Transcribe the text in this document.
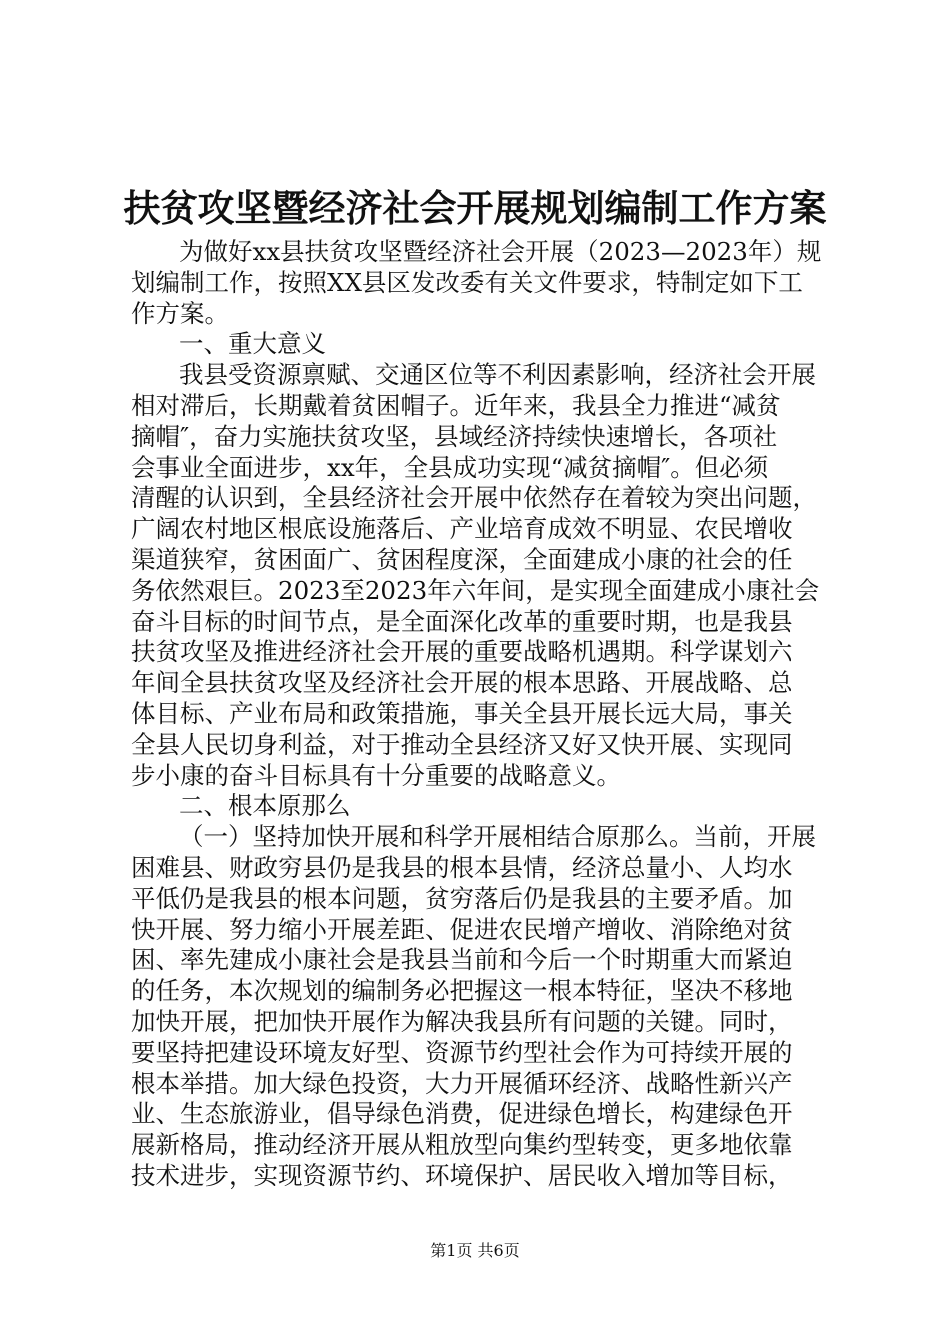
扶贫攻坚暨经济社会开展规划编制工作方案
为做好xx县扶贫攻坚暨经济社会开展（2023—2023年）规
划编制工作，按照XX县区发改委有关文件要求，特制定如下工
作方案。
一、重大意义
我县受资源禀赋、交通区位等不利因素影响，经济社会开展
相对滞后，长期戴着贫困帽子。近年来，我县全力推进“减贫
摘帽″，奋力实施扶贫攻坚，县域经济持续快速增长，各项社
会事业全面进步，xx年，全县成功实现“减贫摘帽″。但必须
清醒的认识到，全县经济社会开展中依然存在着较为突出问题，
广阔农村地区根底设施落后、产业培育成效不明显、农民增收
渠道狭窄，贫困面广、贫困程度深，全面建成小康的社会的任
务依然艰巨。2023至2023年六年间，是实现全面建成小康社会
奋斗目标的时间节点，是全面深化改革的重要时期，也是我县
扶贫攻坚及推进经济社会开展的重要战略机遇期。科学谋划六
年间全县扶贫攻坚及经济社会开展的根本思路、开展战略、总
体目标、产业布局和政策措施，事关全县开展长远大局，事关
全县人民切身利益，对于推动全县经济又好又快开展、实现同
步小康的奋斗目标具有十分重要的战略意义。
二、根本原那么
（一）坚持加快开展和科学开展相结合原那么。当前，开展
困难县、财政穷县仍是我县的根本县情，经济总量小、人均水
平低仍是我县的根本问题，贫穷落后仍是我县的主要矛盾。加
快开展、努力缩小开展差距、促进农民增产增收、消除绝对贫
困、率先建成小康社会是我县当前和今后一个时期重大而紧迫
的任务，本次规划的编制务必把握这一根本特征，坚决不移地
加快开展，把加快开展作为解决我县所有问题的关键。同时，
要坚持把建设环境友好型、资源节约型社会作为可持续开展的
根本举措。加大绿色投资，大力开展循环经济、战略性新兴产
业、生态旅游业，倡导绿色消费，促进绿色增长，构建绿色开
展新格局，推动经济开展从粗放型向集约型转变，更多地依靠
技术进步，实现资源节约、环境保护、居民收入增加等目标，
第1页 共6页
